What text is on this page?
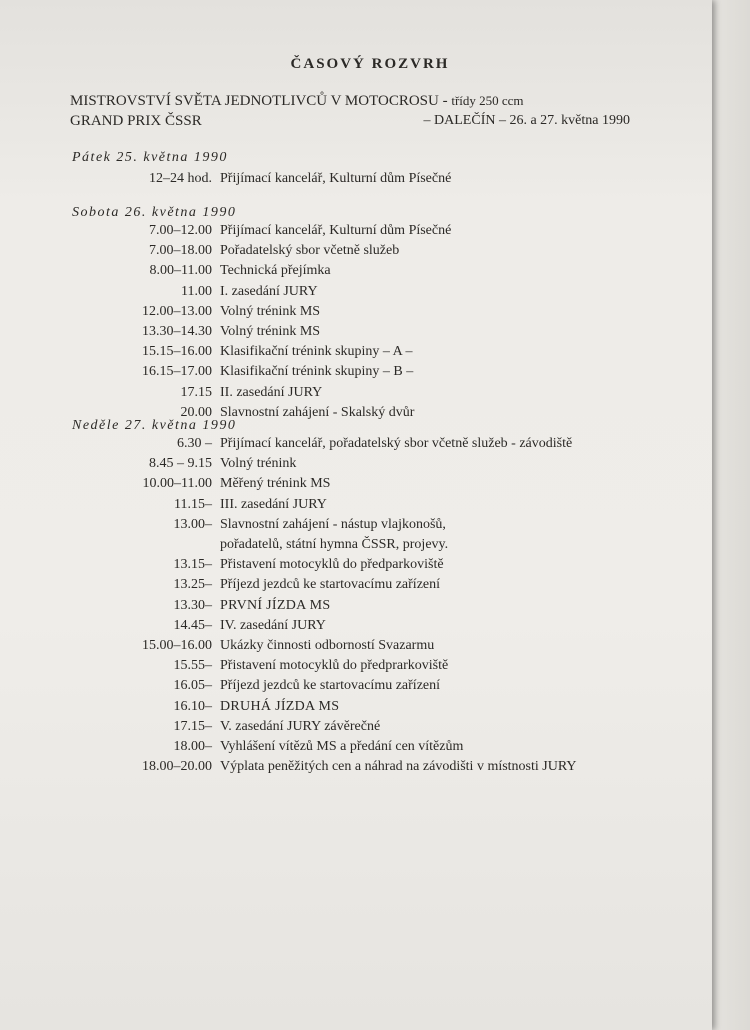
ČASOVÝ ROZVRH
MISTROVSTVÍ SVĚTA JEDNOTLIVCŮ V MOTOCROSU - třídy 250 ccm
GRAND PRIX ČSSR	– DALEČÍN – 26. a 27. května 1990
Pátek 25. května 1990
12–24 hod. Přijímací kancelář, Kulturní dům Písečné
Sobota 26. května 1990
7.00–12.00 Přijímací kancelář, Kulturní dům Písečné
7.00–18.00 Pořadatelský sbor včetně služeb
8.00–11.00 Technická přejímka
11.00 I. zasedání JURY
12.00–13.00 Volný trénink MS
13.30–14.30 Volný trénink MS
15.15–16.00 Klasifikační trénink skupiny – A –
16.15–17.00 Klasifikační trénink skupiny – B –
17.15 II. zasedání JURY
20.00 Slavnostní zahájení - Skalský dvůr
Neděle 27. května 1990
6.30 – Přijímací kancelář, pořadatelský sbor včetně služeb - závodiště
8.45 – 9.15 Volný trénink
10.00–11.00 Měřený trénink MS
11.15– III. zasedání JURY
13.00– Slavnostní zahájení - nástup vlajkonošů,
pořadatelů, státní hymna ČSSR, projevy.
13.15– Přistavení motocyklů do předparkoviště
13.25– Příjezd jezdců ke startovacímu zařízení
13.30– PRVNÍ JÍZDA MS
14.45– IV. zasedání JURY
15.00–16.00 Ukázky činnosti odborností Svazarmu
15.55– Přistavení motocyklů do předprarkoviště
16.05– Příjezd jezdců ke startovacímu zařízení
16.10– DRUHÁ JÍZDA MS
17.15– V. zasedání JURY závěrečné
18.00– Vyhlášení vítězů MS a předání cen vítězům
18.00–20.00 Výplata peněžitých cen a náhrad na závodišti v místnosti JURY
